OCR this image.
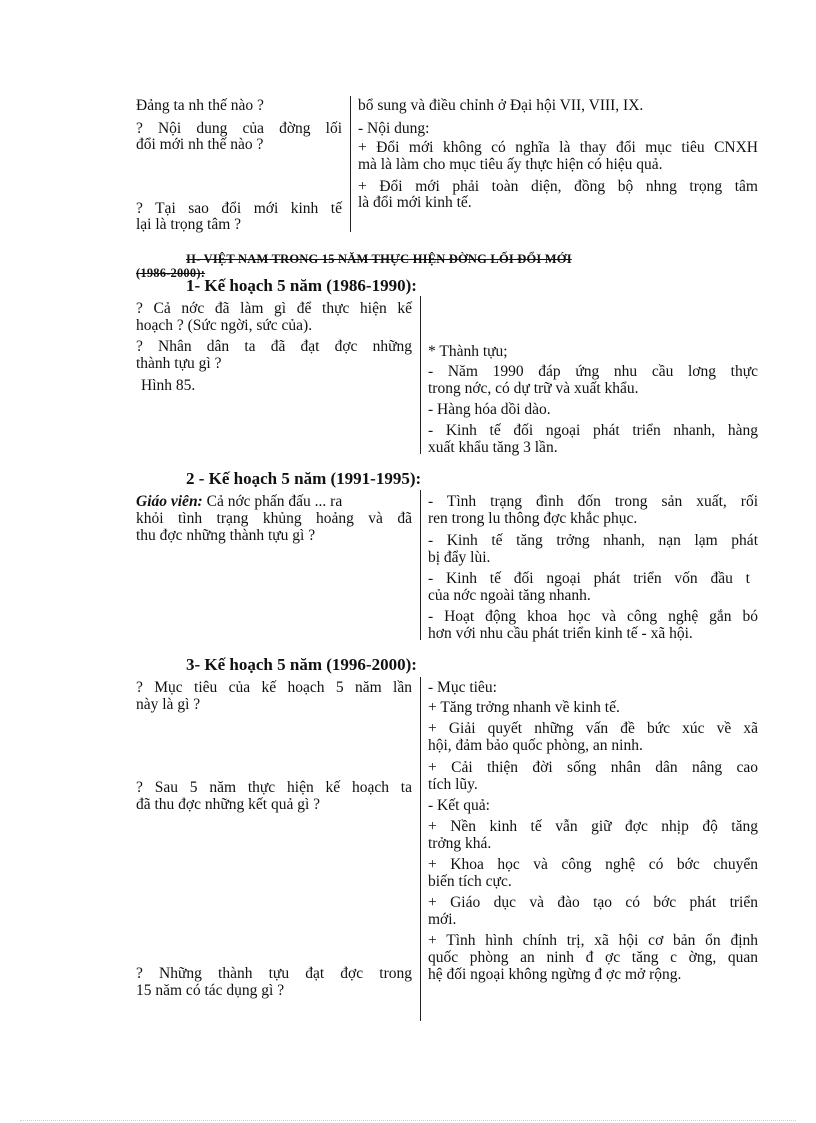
Đảng ta nh thế nào ?
? Nội dung của đờng lối
đổi mới nh thế nào ?
? Tại sao đổi mới kinh tế
lại là trọng tâm ?
bổ sung và điều chỉnh ở Đại hội VII, VIII, IX.
- Nội dung:
+ Đổi mới không có nghĩa là thay đổi mục tiêu CNXH
mà là làm cho mục tiêu ấy thực hiện có hiệu quả.
+ Đổi mới phải toàn diện, đồng bộ nhng trọng tâm
là đổi mới kinh tế.
II- VIỆT NAM TRONG 15 NĂM THỰC HIỆN ĐỜNG LỐI ĐỔI MỚI
(1986-2000):
1- Kế hoạch 5 năm (1986-1990):
? Cả nớc đã làm gì để thực hiện kế
hoạch ? (Sức ngời, sức của).
? Nhân dân ta đã đạt đợc những
thành tựu gì ?
Hình 85.
* Thành tựu;
- Năm 1990 đáp ứng nhu cầu lơng thực
trong nớc, có dự trữ và xuất khẩu.
- Hàng hóa dồi dào.
- Kinh tế đối ngoại phát triển nhanh, hàng
xuất khẩu tăng 3 lần.
2 - Kế hoạch 5 năm (1991-1995):
Giáo viên: Cả nớc phấn đấu ... ra
khỏi tình trạng khủng hoảng và đã
thu đợc những thành tựu gì ?
- Tình trạng đình đốn trong sản xuất, rối
ren trong lu thông đợc khắc phục.
- Kinh tế tăng trởng nhanh, nạn lạm phát
bị đẩy lùi.
- Kinh tế đối ngoại phát triển vốn đầu t
của nớc ngoài tăng nhanh.
- Hoạt động khoa học và công nghệ gắn bó
hơn với nhu cầu phát triển kinh tế - xã hội.
3- Kế hoạch 5 năm (1996-2000):
? Mục tiêu của kế hoạch 5 năm lần
này là gì ?
? Sau 5 năm thực hiện kế hoạch ta
đã thu đợc những kết quả gì ?
? Những thành tựu đạt đợc trong
15 năm có tác dụng gì ?
- Mục tiêu:
+ Tăng trởng nhanh về kinh tế.
+ Giải quyết những vấn đề bức xúc về xã
hội, đảm bảo quốc phòng, an ninh.
+ Cải thiện đời sống nhân dân nâng cao
tích lũy.
- Kết quả:
+ Nền kinh tế vẫn giữ đợc nhịp độ tăng
trởng khá.
+ Khoa học và công nghệ có bớc chuyển
biến tích cực.
+ Giáo dục và đào tạo có bớc phát triển
mới.
+ Tình hình chính trị, xã hội cơ bản ổn định
quốc phòng an ninh đ ợc tăng c ờng, quan
hệ đối ngoại không ngừng đ ợc mở rộng.
